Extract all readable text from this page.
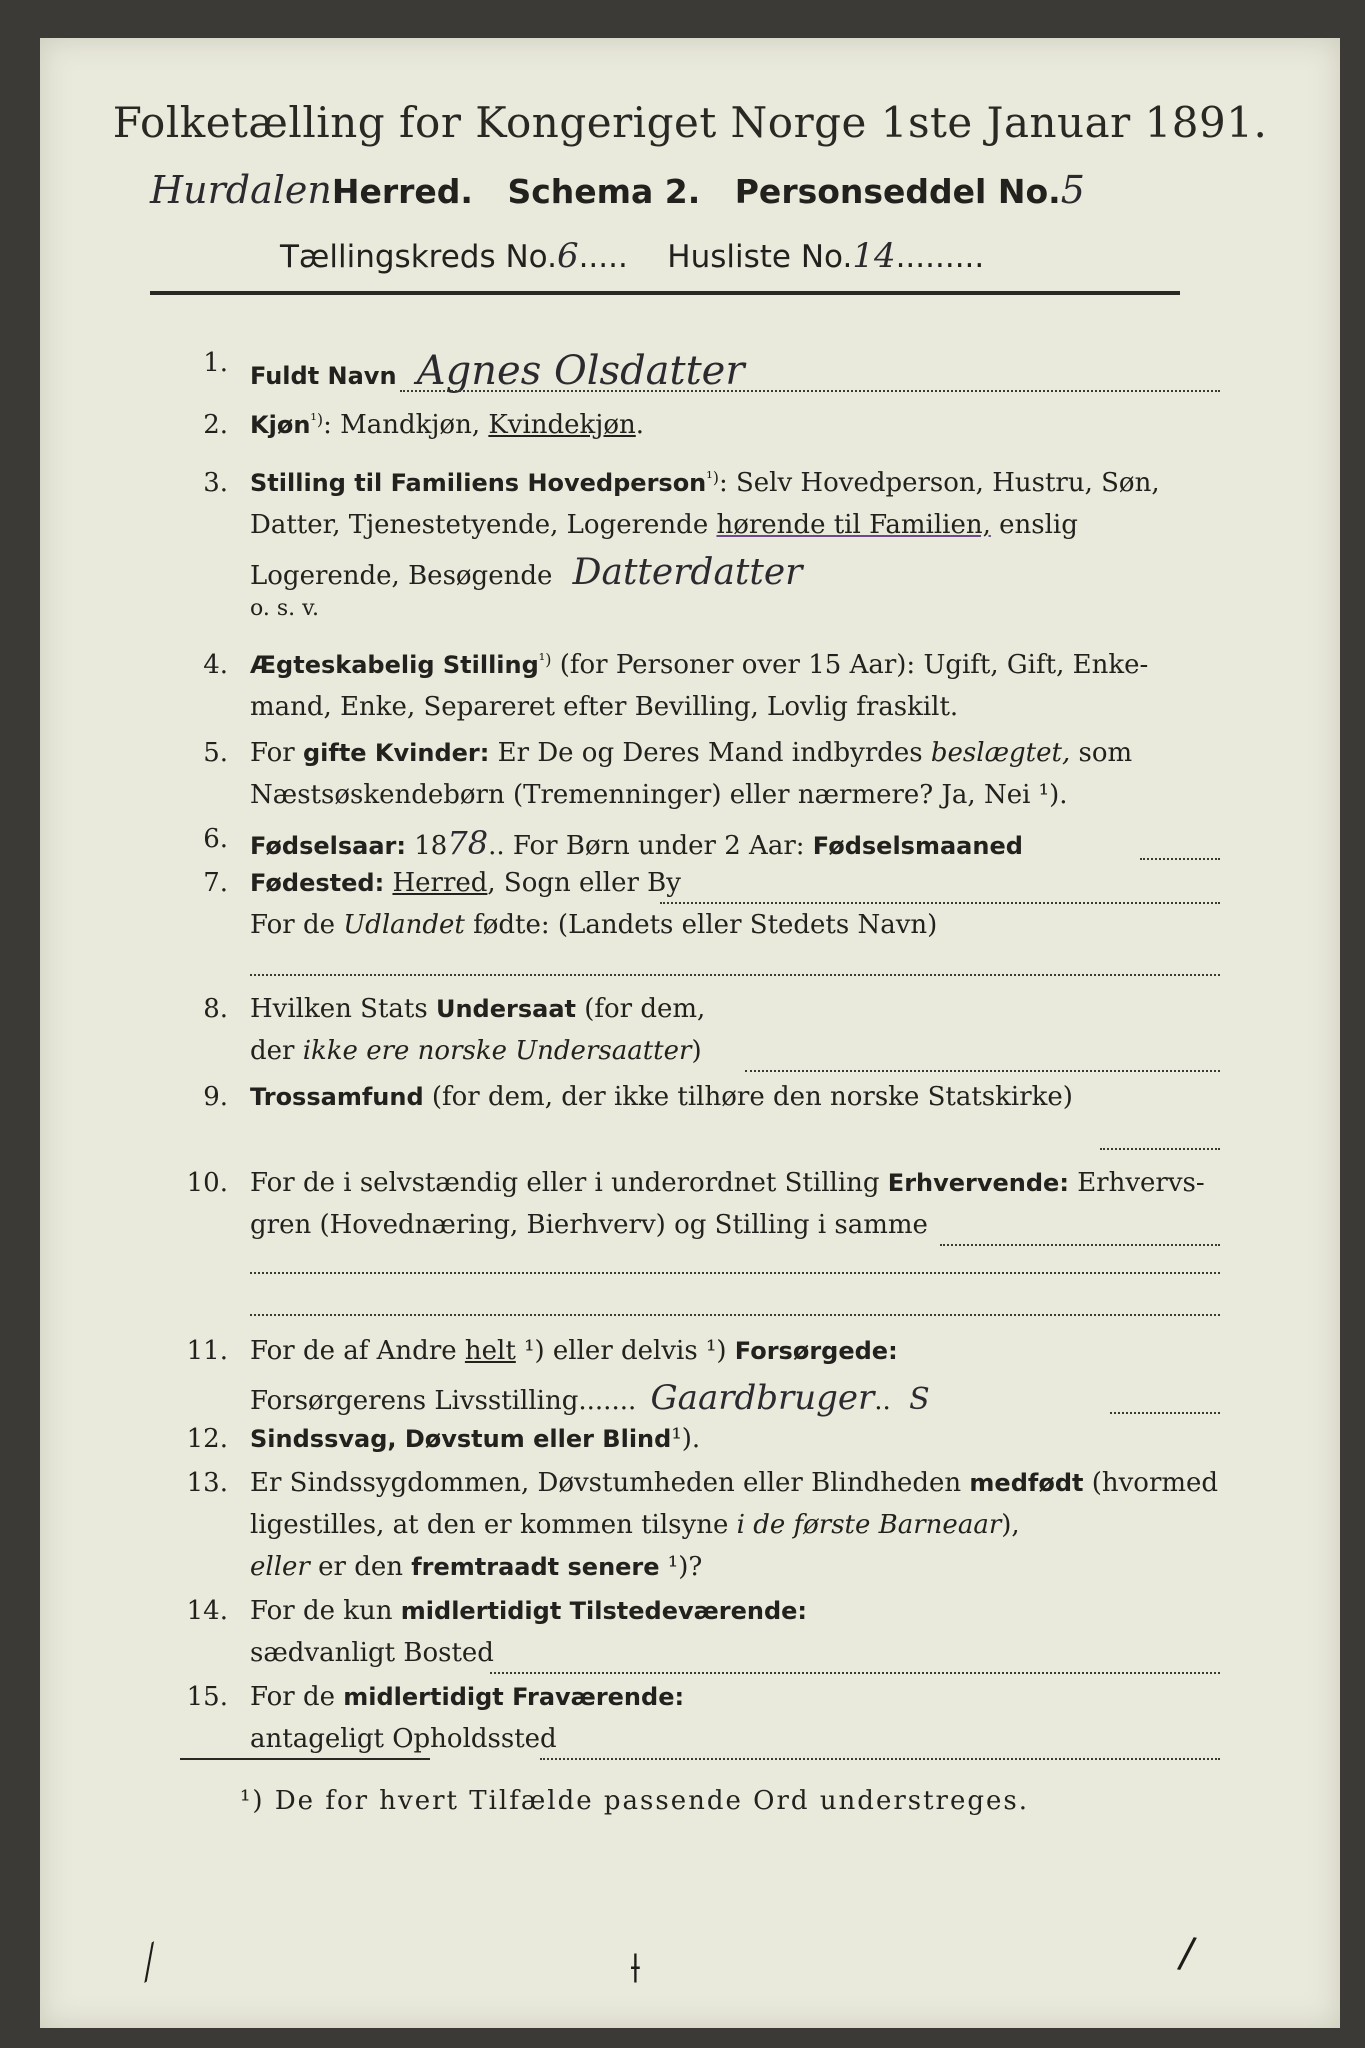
Folketælling for Kongeriget Norge 1ste Januar 1891.
HurdalenHerred. Schema 2. Personseddel No.5
Tællingskreds No.6..... Husliste No.14.........
1. Fuldt Navn Agnes Olsdatter
2. Kjøn$^{^1)}$: Mandkjøn, Kvindekjøn.
3. Stilling til Familiens Hovedperson$^{^1)}$: Selv Hovedperson, Hustru, Søn,
Datter, Tjenestetyende, Logerende hørende til Familien, enslig
Logerende, Besøgende Datterdatter
o. s. v.
4. Ægteskabelig Stilling$^{^1)}$ (for Personer over 15 Aar): Ugift, Gift, Enke-
mand, Enke, Separeret efter Bevilling, Lovlig fraskilt.
5. For gifte Kvinder: Er De og Deres Mand indbyrdes beslægtet, som
Næstsøskendebørn (Tremenninger) eller nærmere? Ja, Nei ¹).
6. Fødselsaar: 1878.. For Børn under 2 Aar: Fødselsmaaned
7. Fødested: Herred, Sogn eller By
For de Udlandet fødte: (Landets eller Stedets Navn)
8. Hvilken Stats Undersaat (for dem,
der ikke ere norske Undersaatter)
9. Trossamfund (for dem, der ikke tilhøre den norske Statskirke)
10. For de i selvstændig eller i underordnet Stilling Erhvervende: Erhvervs-
gren (Hovednæring, Bierhverv) og Stilling i samme
11. For de af Andre helt ¹) eller delvis ¹) Forsørgede:
Forsørgerens Livsstilling....... Gaardbruger.. S
12. Sindssvag, Døvstum eller Blind¹).
13. Er Sindssygdommen, Døvstumheden eller Blindheden medfødt (hvormed
ligestilles, at den er kommen tilsyne i de første Barneaar),
eller er den fremtraadt senere ¹)?
14. For de kun midlertidigt Tilstedeværende:
sædvanligt Bosted
15. For de midlertidigt Fraværende:
antageligt Opholdssted
¹) De for hvert Tilfælde passende Ord understreges.
⟋	⟊	/
